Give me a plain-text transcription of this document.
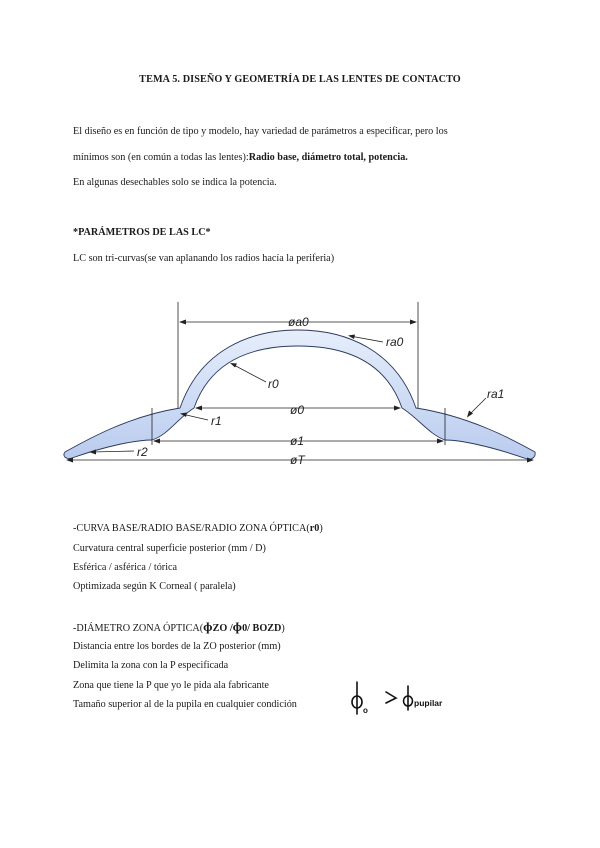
TEMA 5. DISEÑO Y GEOMETRÍA DE LAS LENTES DE CONTACTO
El diseño es en función de tipo y modelo, hay variedad de parámetros a especificar, pero los
mínimos son (en común a todas las lentes):Radio base, diámetro total, potencia.
En algunas desechables solo se indica la potencia.
*PARÁMETROS DE LAS LC*
LC son tri-curvas(se van aplanando los radios hacía la periferia)
øa0
ø0
ø1
øT
ra0
r0
r1
ra1
r2
-CURVA BASE/RADIO BASE/RADIO ZONA ÓPTICA(r0)
Curvatura central superficie posterior (mm / D)
Esférica / asférica / tórica
Optimizada según K Corneal ( paralela)
-DIÁMETRO ZONA ÓPTICA(ɸZO /ɸ0/ BOZD)
Distancia entre los bordes de la ZO posterior (mm)
Delimita la zona con la P especificada
Zona que tiene la P que yo le pida ala fabricante
Tamaño superior al de la pupila en cualquier condición
o
pupilar
